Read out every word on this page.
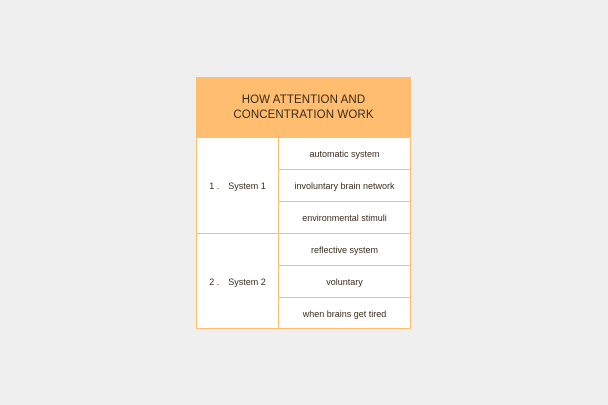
HOW ATTENTION AND
CONCENTRATION WORK
1 . System 1
automatic system
involuntary brain network
environmental stimuli
2 . System 2
reflective system
voluntary
when brains get tired
